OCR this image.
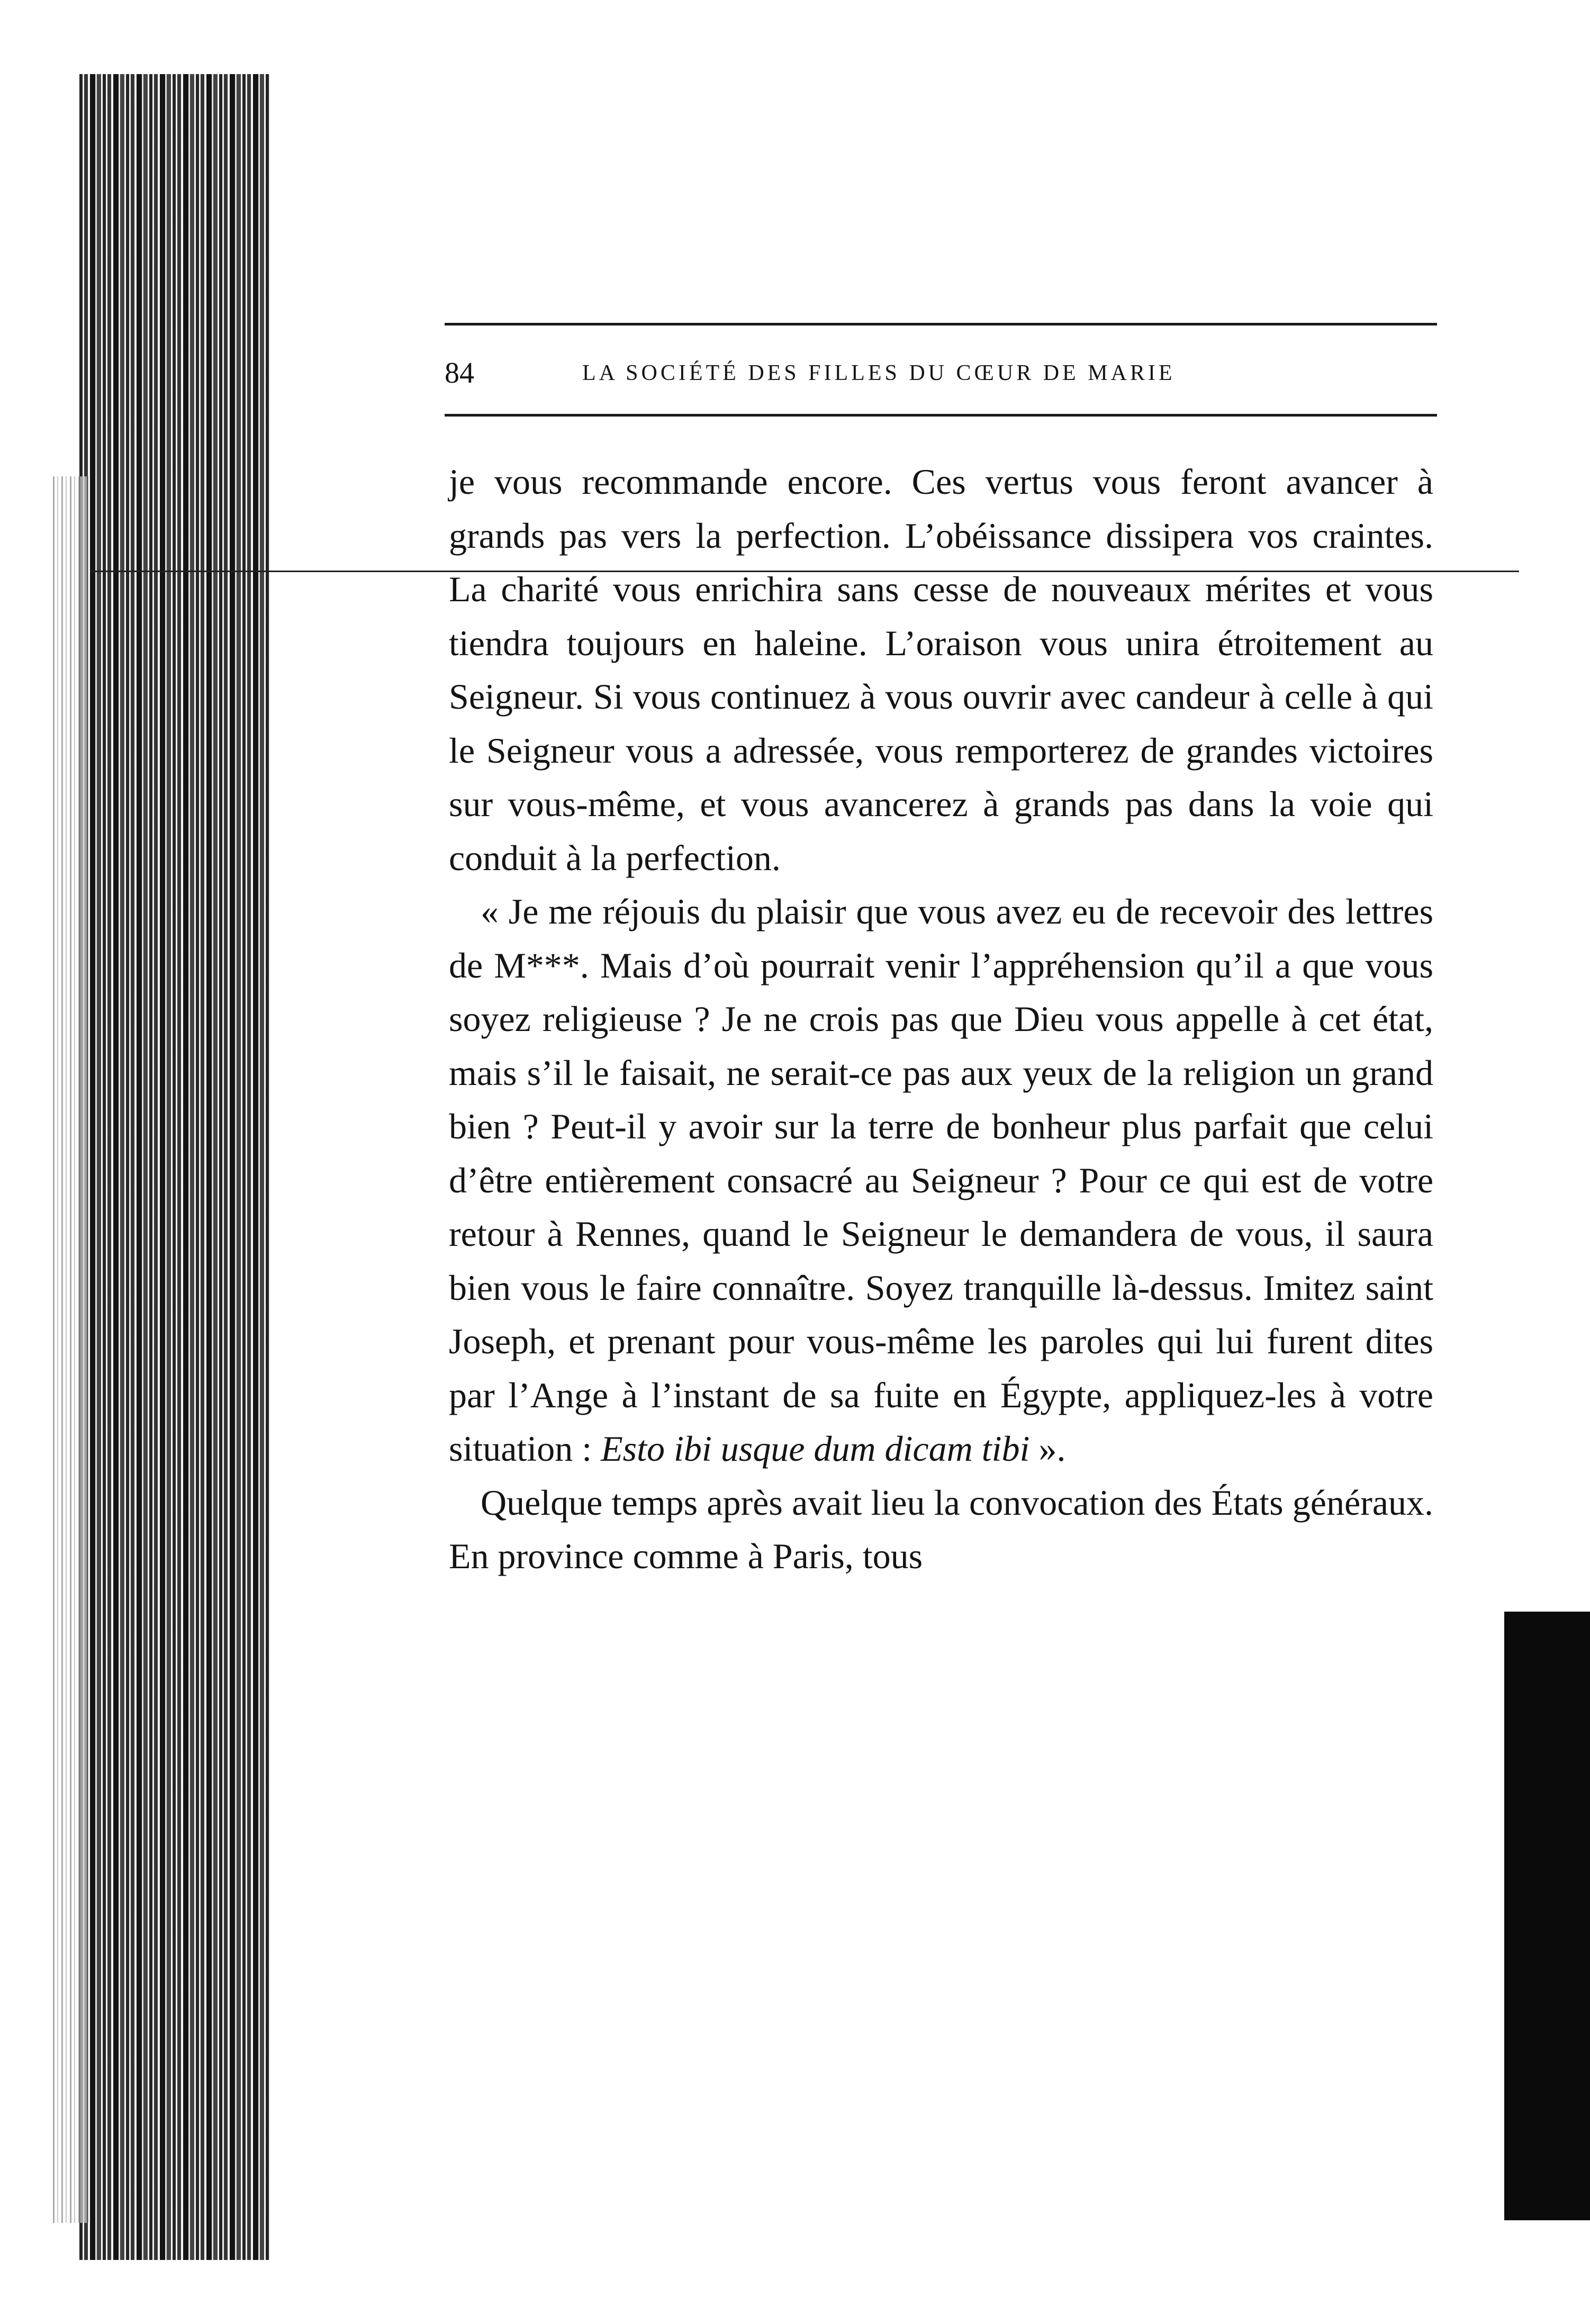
84	LA SOCIÉTÉ DES FILLES DU CŒUR DE MARIE

je vous recommande encore. Ces vertus vous feront avancer à grands pas vers la perfection. L’obéissance dissipera vos craintes. La charité vous enrichira sans cesse de nouveaux mérites et vous tiendra toujours en haleine. L’oraison vous unira étroitement au Seigneur. Si vous continuez à vous ouvrir avec candeur à celle à qui le Seigneur vous a adressée, vous remporterez de grandes victoires sur vous-même, et vous avancerez à grands pas dans la voie qui conduit à la perfection.

« Je me réjouis du plaisir que vous avez eu de recevoir des lettres de M***. Mais d’où pourrait venir l’appréhension qu’il a que vous soyez religieuse ? Je ne crois pas que Dieu vous appelle à cet état, mais s’il le faisait, ne serait-ce pas aux yeux de la religion un grand bien ? Peut-il y avoir sur la terre de bonheur plus parfait que celui d’être entièrement consacré au Seigneur ? Pour ce qui est de votre retour à Rennes, quand le Seigneur le demandera de vous, il saura bien vous le faire connaître. Soyez tranquille là-dessus. Imitez saint Joseph, et prenant pour vous-même les paroles qui lui furent dites par l’Ange à l’instant de sa fuite en Égypte, appliquez-les à votre situation : Esto ibi usque dum dicam tibi ».

Quelque temps après avait lieu la convocation des États généraux. En province comme à Paris, tous
